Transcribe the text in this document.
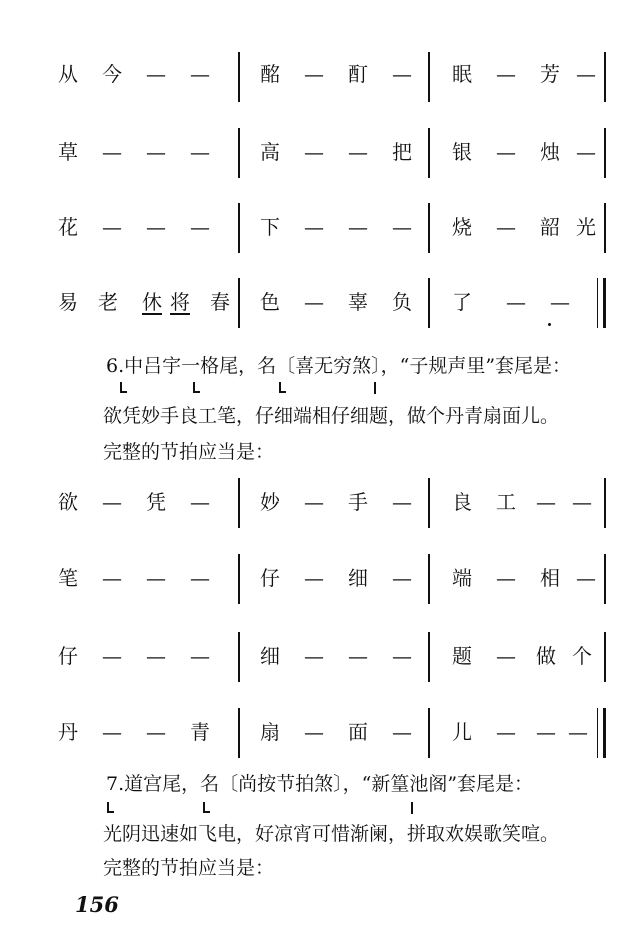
从	今	—	—	酩	—	酊	—	眠	—	芳 —
草	—	—	—	高	—	—	把	银	—	烛 —
花	—	—	—	下	—	—	—	烧	—	韶 光
易	老	休 将	春	色	—	辜	负	了	—	—
6.中吕宇一格尾，名〔喜无穷煞〕，“子规声里”套尾是：
欲凭妙手良工笔，仔细端相仔细题，做个丹青扇面儿。
完整的节拍应当是：
欲	—	凭	—	妙	—	手	—	良	工	— —
笔	—	—	—	仔	—	细	—	端	—	相 —
仔	—	—	—	细	—	—	—	题	—	做 个
丹	—	—	青	扇	—	面	—	儿	—	— —
7.道宫尾，名〔尚按节拍煞〕，“新篁池阁”套尾是：
光阴迅速如飞电，好凉宵可惜渐阑，拼取欢娱歌笑喧。
完整的节拍应当是：
156
